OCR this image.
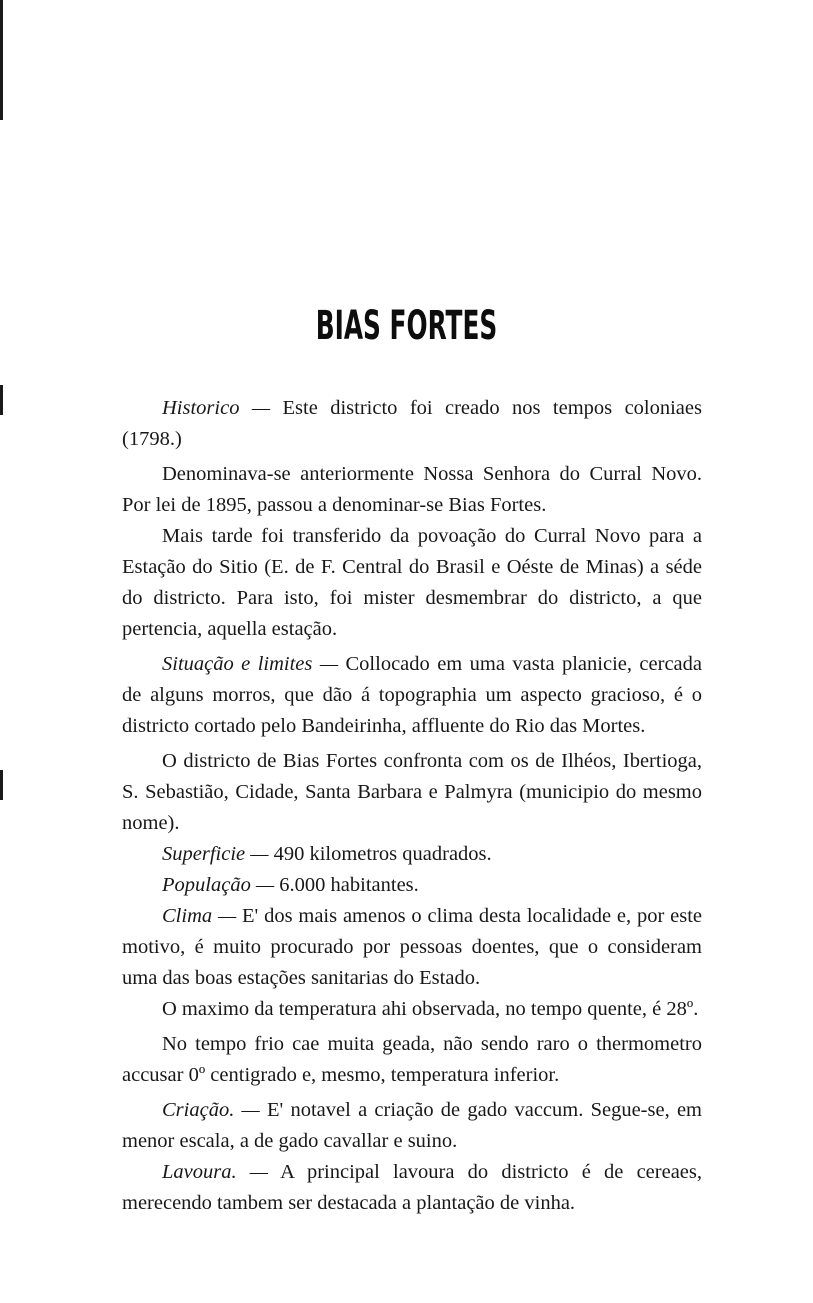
BIAS FORTES

Historico — Este districto foi creado nos tempos coloniaes (1798.)

Denominava-se anteriormente Nossa Senhora do Curral Novo. Por lei de 1895, passou a denominar-se Bias Fortes.

Mais tarde foi transferido da povoação do Curral Novo para a Estação do Sitio (E. de F. Central do Brasil e Oéste de Minas) a séde do districto. Para isto, foi mister desmembrar do districto, a que pertencia, aquella estação.

Situação e limites — Collocado em uma vasta planicie, cercada de alguns morros, que dão á topographia um aspecto gracioso, é o districto cortado pelo Bandeirinha, affluente do Rio das Mortes.

O districto de Bias Fortes confronta com os de Ilhéos, Ibertioga, S. Sebastião, Cidade, Santa Barbara e Palmyra (municipio do mesmo nome).

Superficie — 490 kilometros quadrados.

População — 6.000 habitantes.

Clima — E' dos mais amenos o clima desta localidade e, por este motivo, é muito procurado por pessoas doentes, que o consideram uma das boas estações sanitarias do Estado.

O maximo da temperatura ahi observada, no tempo quente, é 28º.

No tempo frio cae muita geada, não sendo raro o thermometro accusar 0º centigrado e, mesmo, temperatura inferior.

Criação. — E' notavel a criação de gado vaccum. Segue-se, em menor escala, a de gado cavallar e suino.

Lavoura. — A principal lavoura do districto é de cereaes, merecendo tambem ser destacada a plantação de vinha.
